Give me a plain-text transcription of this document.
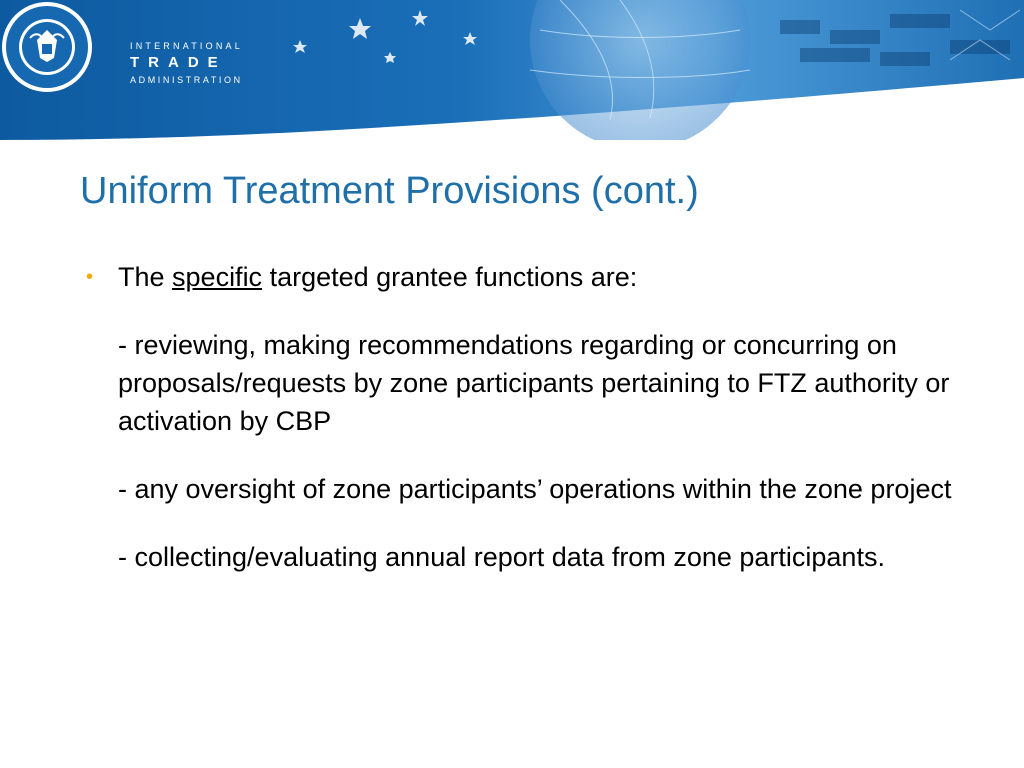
INTERNATIONAL
TRADE
ADMINISTRATION
Uniform Treatment Provisions (cont.)

• The specific targeted grantee functions are:

- reviewing, making recommendations regarding or concurring on proposals/requests by zone participants pertaining to FTZ authority or activation by CBP

- any oversight of zone participants’ operations within the zone project

- collecting/evaluating annual report data from zone participants.
